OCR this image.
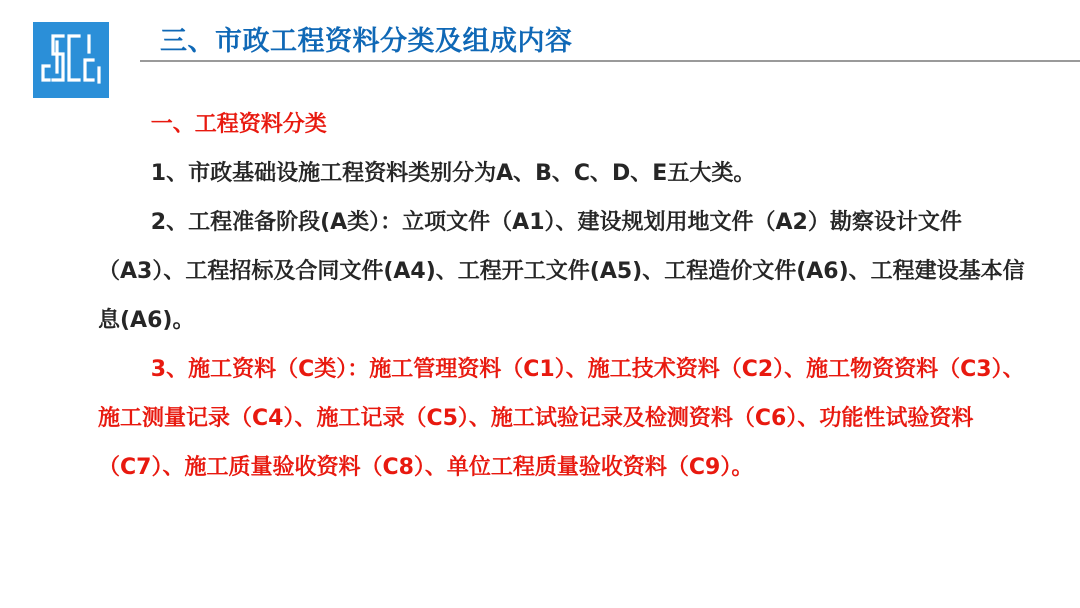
三、市政工程资料分类及组成内容

一、工程资料分类

1、市政基础设施工程资料类别分为A、B、C、D、E五大类。

2、工程准备阶段(A类）：立项文件（A1）、建设规划用地文件（A2）勘察设计文件（A3）、工程招标及合同文件(A4)、工程开工文件(A5)、工程造价文件(A6)、工程建设基本信息(A6)。

3、施工资料（C类）：施工管理资料（C1）、施工技术资料（C2）、施工物资资料（C3）、施工测量记录（C4）、施工记录（C5）、施工试验记录及检测资料（C6）、功能性试验资料（C7）、施工质量验收资料（C8）、单位工程质量验收资料（C9）。
